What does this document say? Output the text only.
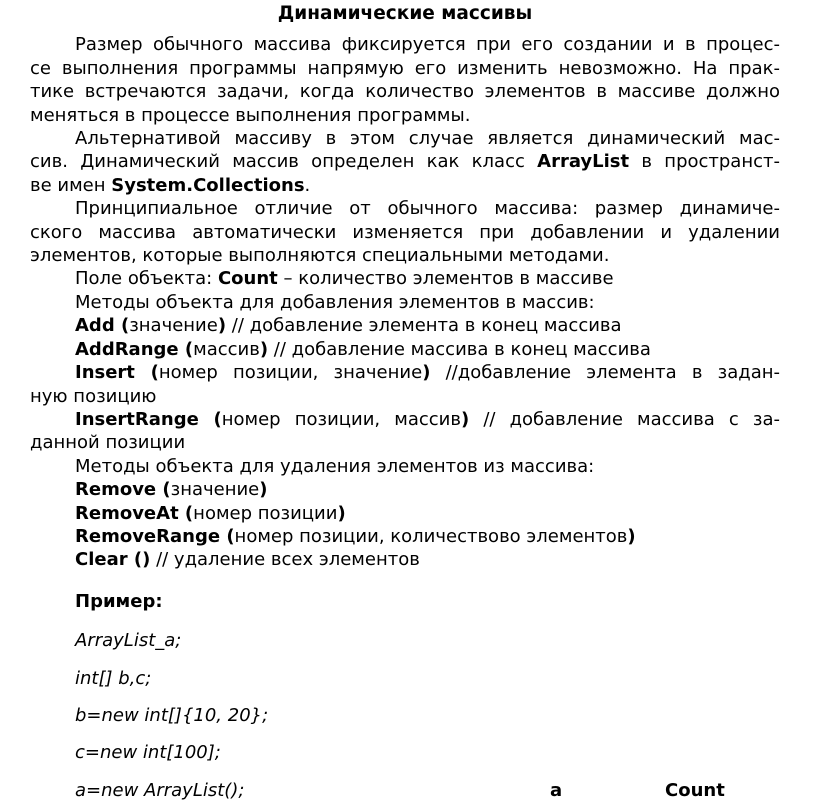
Динамические массивы
Размер обычного массива фиксируется при его создании и в процес-
се выполнения программы напрямую его изменить невозможно. На прак-
тике встречаются задачи, когда количество элементов в массиве должно
меняться в процессе выполнения программы.
Альтернативой массиву в этом случае является динамический мас-
сив. Динамический массив определен как класс ArrayList в пространст-
ве имен System.Collections.
Принципиальное отличие от обычного массива: размер динамиче-
ского массива автоматически изменяется при добавлении и удалении
элементов, которые выполняются специальными методами.
Поле объекта: Count – количество элементов в массиве
Методы объекта для добавления элементов в массив:
Add (значение) // добавление элемента в конец массива
AddRange (массив) // добавление массива в конец массива
Insert (номер позиции, значение) //добавление элемента в задан-
ную позицию
InsertRange (номер позиции, массив) // добавление массива с за-
данной позиции
Методы объекта для удаления элементов из массива:
Remove (значение)
RemoveAt (номер позиции)
RemoveRange (номер позиции, количествово элементов)
Clear () // удаление всех элементов
Пример:
ArrayList_a;
int[] b,c;
b=new int[]{10, 20};
c=new int[100];
a=new ArrayList();	a	Count
